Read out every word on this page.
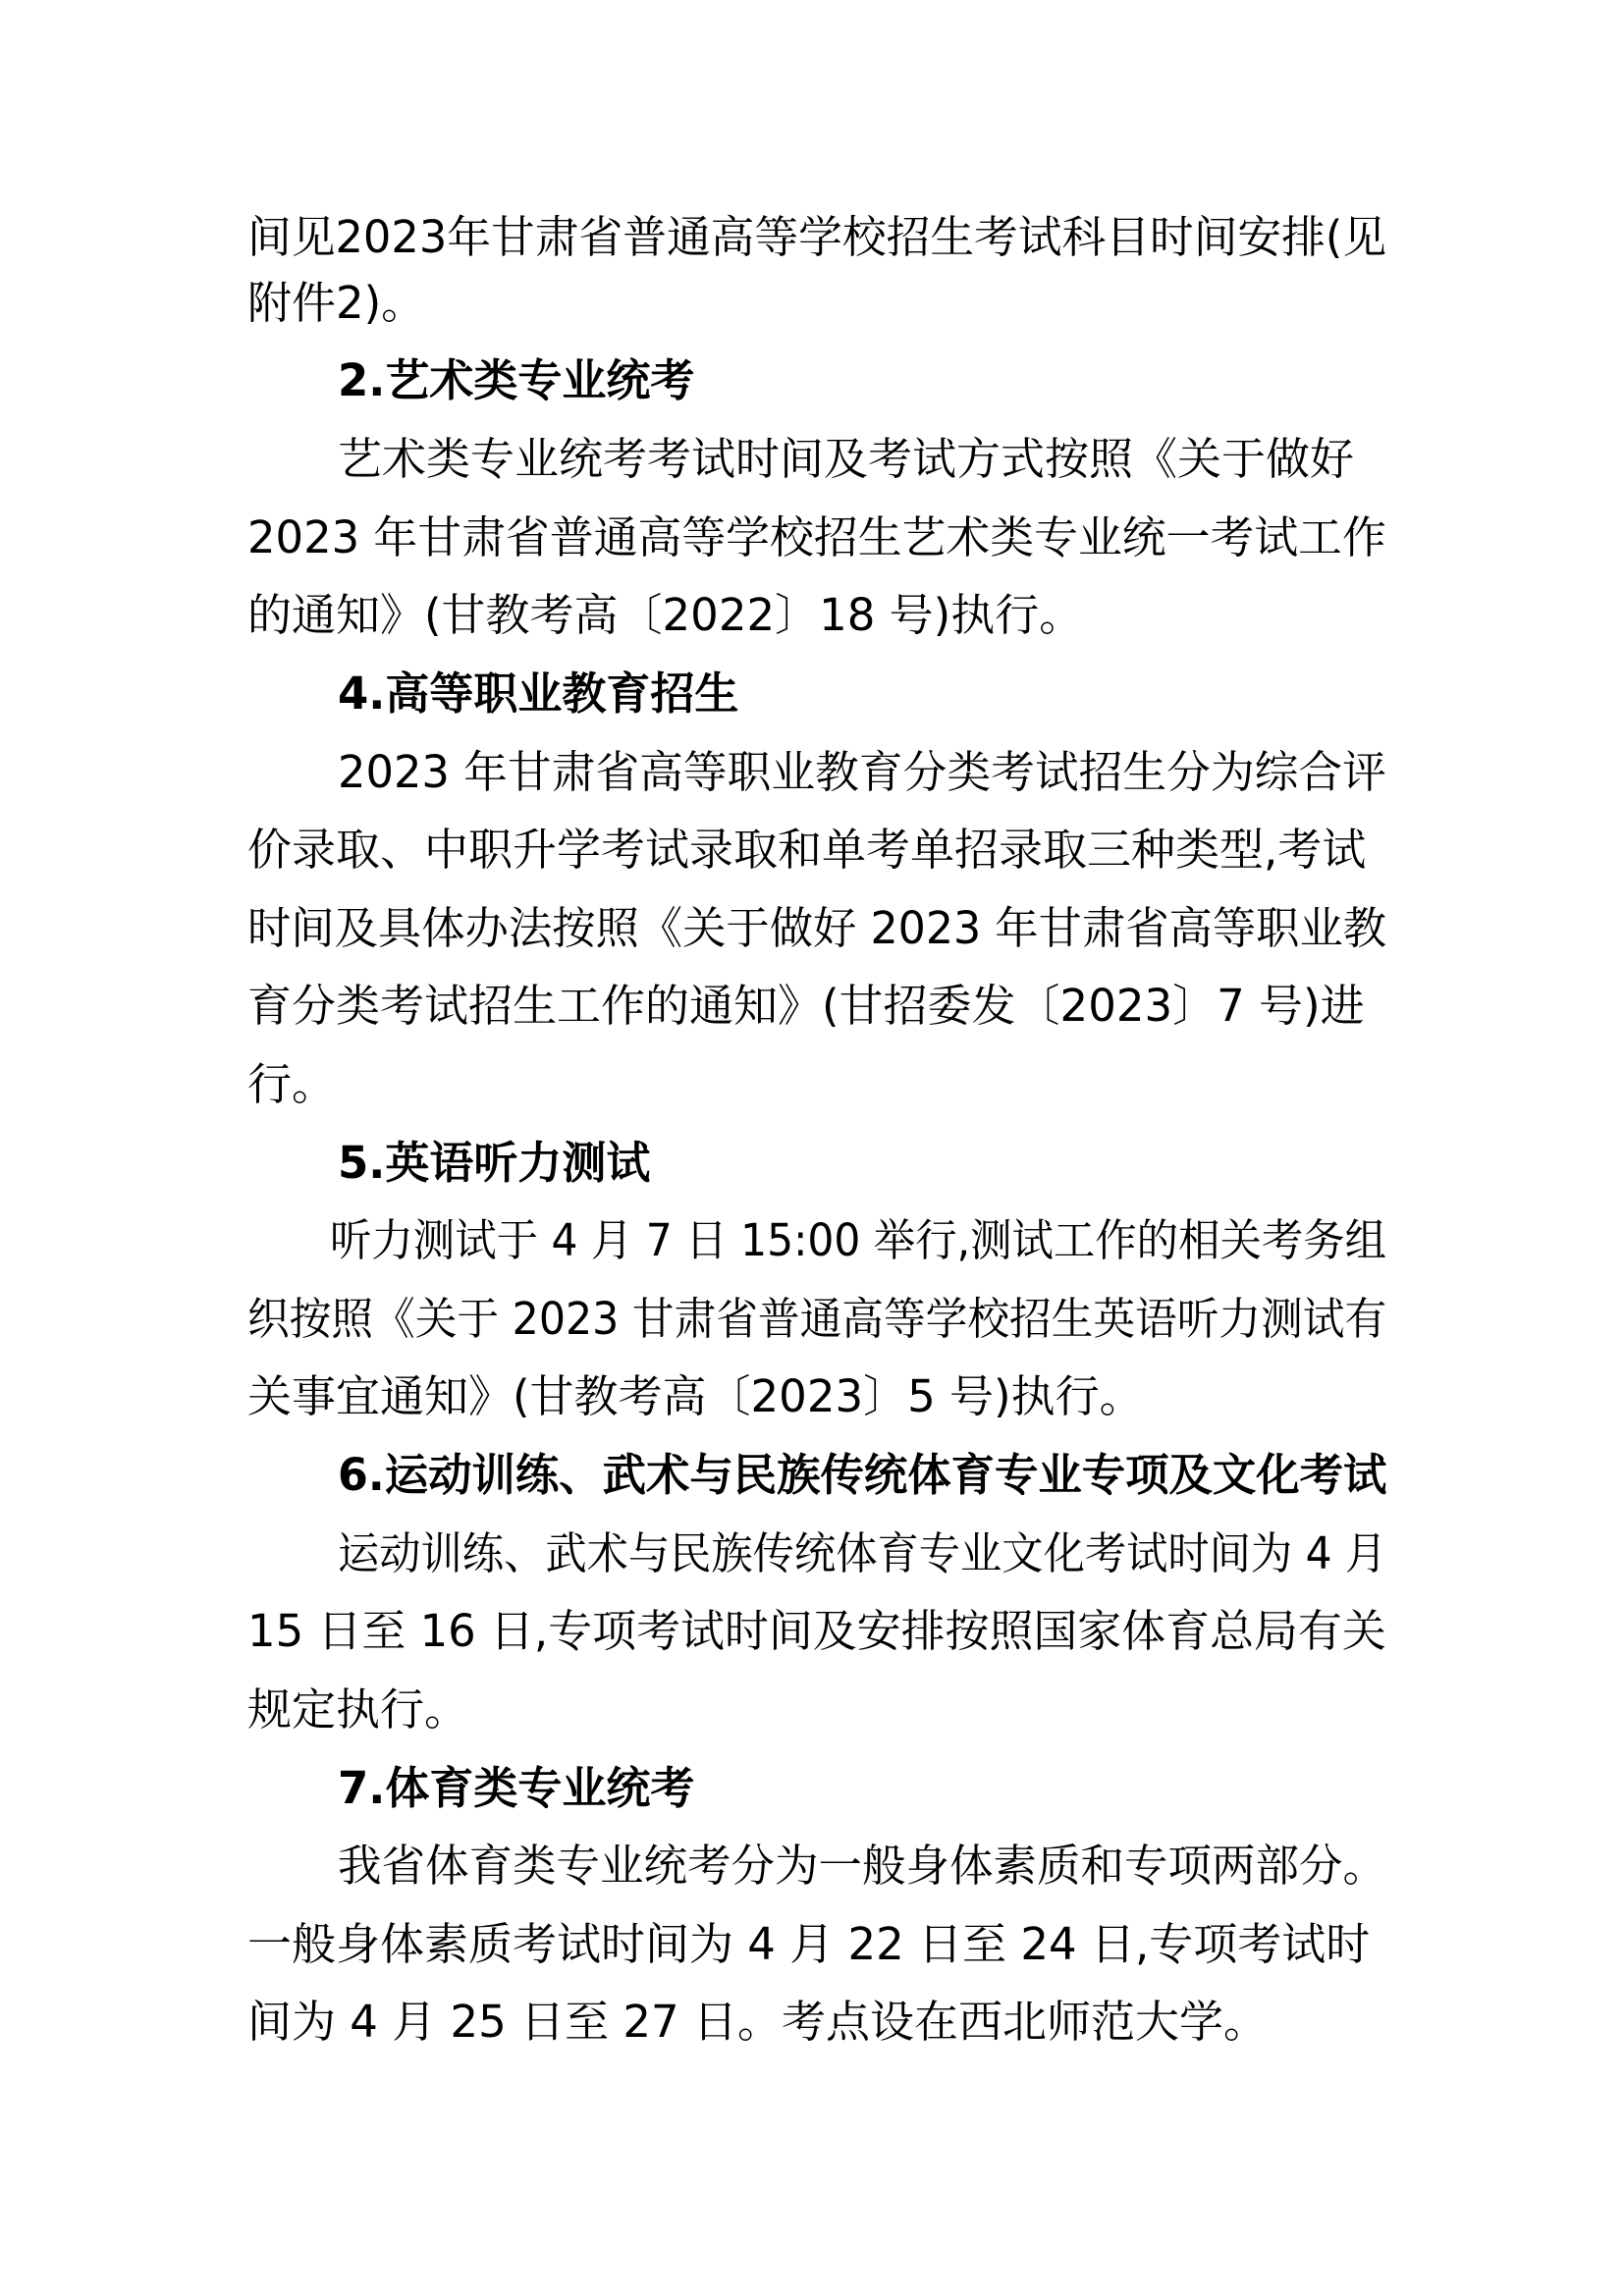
间见2023年甘肃省普通高等学校招生考试科目时间安排(见
附件2)。
2.艺术类专业统考
艺术类专业统考考试时间及考试方式按照《关于做好
2023 年甘肃省普通高等学校招生艺术类专业统一考试工作
的通知》(甘教考高〔2022〕18 号)执行。
4.高等职业教育招生
2023 年甘肃省高等职业教育分类考试招生分为综合评
价录取、中职升学考试录取和单考单招录取三种类型,考试
时间及具体办法按照《关于做好 2023 年甘肃省高等职业教
育分类考试招生工作的通知》(甘招委发〔2023〕7 号)进
行。
5.英语听力测试
听力测试于 4 月 7 日 15:00 举行,测试工作的相关考务组
织按照《关于 2023 甘肃省普通高等学校招生英语听力测试有
关事宜通知》(甘教考高〔2023〕5 号)执行。
6.运动训练、武术与民族传统体育专业专项及文化考试
运动训练、武术与民族传统体育专业文化考试时间为 4 月
15 日至 16 日,专项考试时间及安排按照国家体育总局有关
规定执行。
7.体育类专业统考
我省体育类专业统考分为一般身体素质和专项两部分。
一般身体素质考试时间为 4 月 22 日至 24 日,专项考试时
间为 4 月 25 日至 27 日。考点设在西北师范大学。
